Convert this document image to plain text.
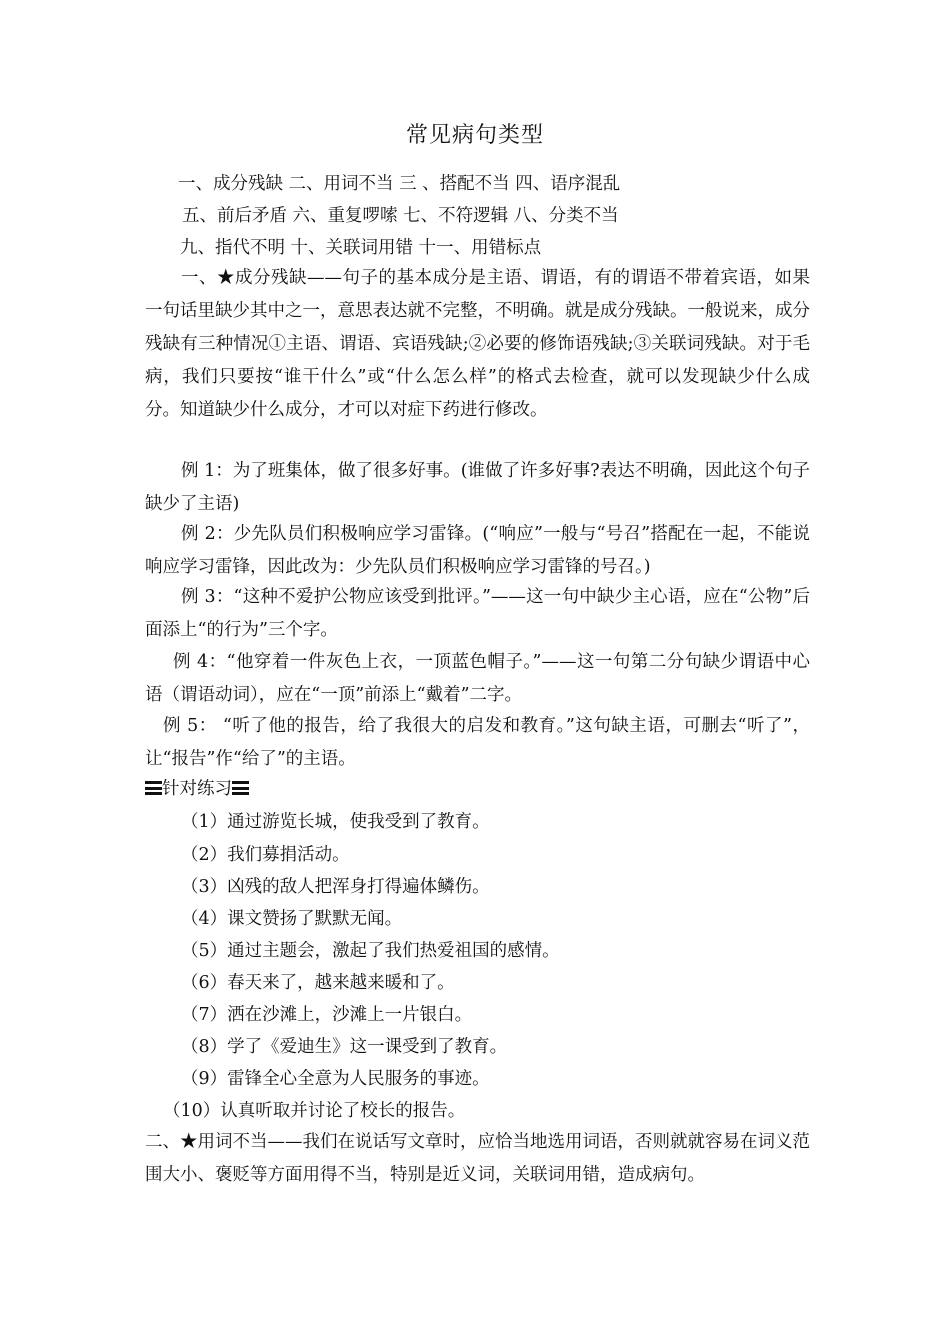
常见病句类型
一、成分残缺 二、用词不当 三 、搭配不当 四、语序混乱
五、前后矛盾 六、重复啰嗦 七、不符逻辑 八、分类不当
九、指代不明 十、关联词用错 十一、用错标点
一、★成分残缺——句子的基本成分是主语、谓语，有的谓语不带着宾语，如果一句话里缺少其中之一，意思表达就不完整，不明确。就是成分残缺。一般说来，成分残缺有三种情况①主语、谓语、宾语残缺;②必要的修饰语残缺;③关联词残缺。对于毛病，我们只要按“谁干什么”或“什么怎么样”的格式去检查，就可以发现缺少什么成分。知道缺少什么成分，才可以对症下药进行修改。
例 1：为了班集体，做了很多好事。(谁做了许多好事?表达不明确，因此这个句子缺少了主语)
例 2：少先队员们积极响应学习雷锋。(“响应”一般与“号召”搭配在一起，不能说响应学习雷锋，因此改为：少先队员们积极响应学习雷锋的号召。)
例 3：“这种不爱护公物应该受到批评。”——这一句中缺少主心语，应在“公物”后面添上“的行为”三个字。
例 4：“他穿着一件灰色上衣，一顶蓝色帽子。”——这一句第二分句缺少谓语中心语（谓语动词），应在“一顶”前添上“戴着”二字。
例 5： “听了他的报告，给了我很大的启发和教育。”这句缺主语，可删去“听了”，让“报告”作“给了”的主语。
针对练习
（1）通过游览长城，使我受到了教育。
（2）我们募捐活动。
（3）凶残的敌人把浑身打得遍体鳞伤。
（4）课文赞扬了默默无闻。
（5）通过主题会，激起了我们热爱祖国的感情。
（6）春天来了，越来越来暖和了。
（7）洒在沙滩上，沙滩上一片银白。
（8）学了《爱迪生》这一课受到了教育。
（9）雷锋全心全意为人民服务的事迹。
（10）认真听取并讨论了校长的报告。
二、★用词不当——我们在说话写文章时，应恰当地选用词语，否则就就容易在词义范围大小、褒贬等方面用得不当，特别是近义词，关联词用错，造成病句。
